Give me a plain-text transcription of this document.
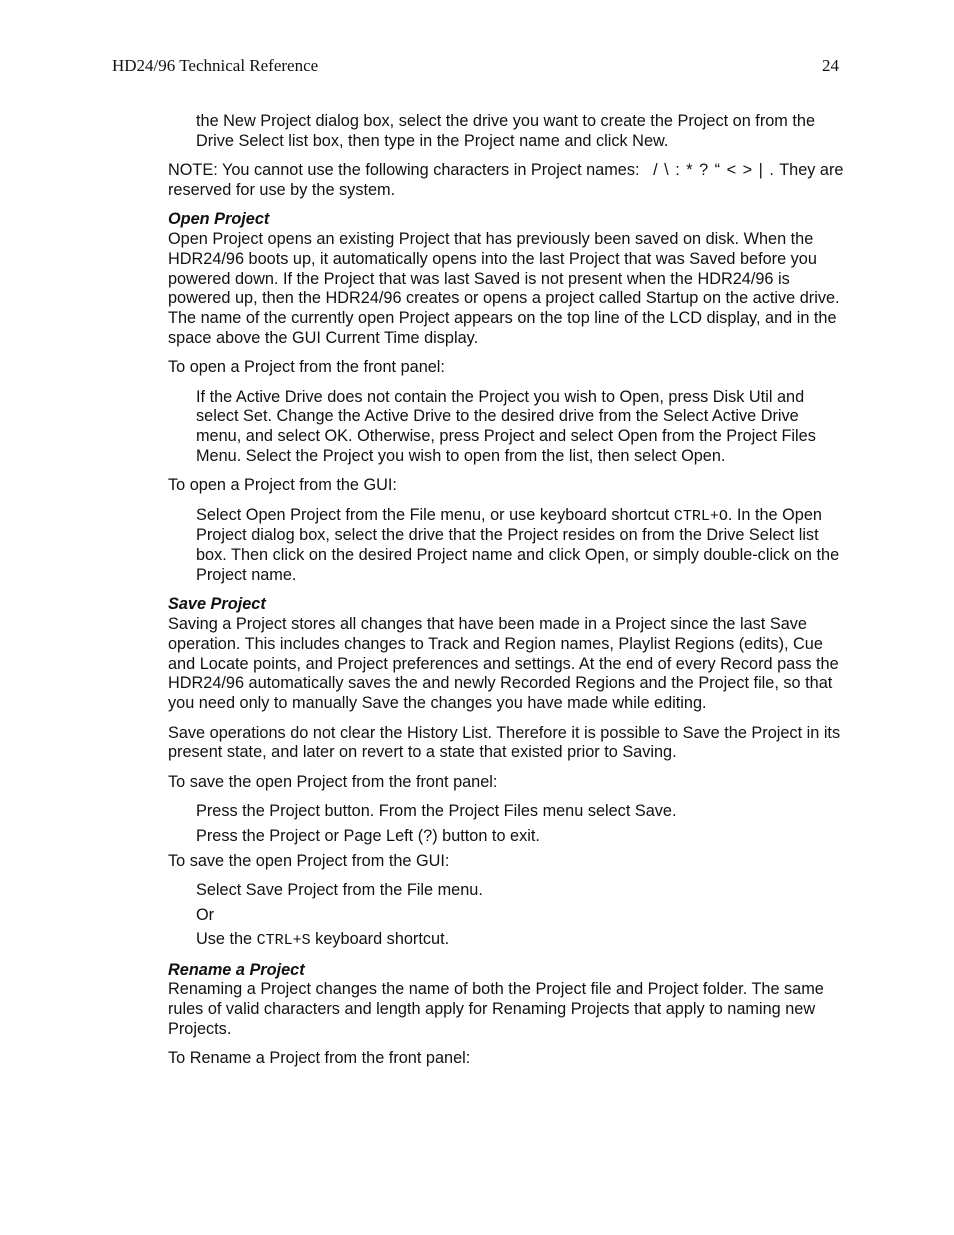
HD24/96 Technical Reference	24

the New Project dialog box, select the drive you want to create the Project on from the Drive Select list box, then type in the Project name and click New.

NOTE: You cannot use the following characters in Project names: / \ : * ? “ < > | . They are reserved for use by the system.

Open Project

Open Project opens an existing Project that has previously been saved on disk. When the HDR24/96 boots up, it automatically opens into the last Project that was Saved before you powered down. If the Project that was last Saved is not present when the HDR24/96 is powered up, then the HDR24/96 creates or opens a project called Startup on the active drive. The name of the currently open Project appears on the top line of the LCD display, and in the space above the GUI Current Time display.

To open a Project from the front panel:

If the Active Drive does not contain the Project you wish to Open, press Disk Util and select Set. Change the Active Drive to the desired drive from the Select Active Drive menu, and select OK. Otherwise, press Project and select Open from the Project Files Menu. Select the Project you wish to open from the list, then select Open.

To open a Project from the GUI:

Select Open Project from the File menu, or use keyboard shortcut CTRL+O. In the Open Project dialog box, select the drive that the Project resides on from the Drive Select list box. Then click on the desired Project name and click Open, or simply double-click on the Project name.

Save Project

Saving a Project stores all changes that have been made in a Project since the last Save operation. This includes changes to Track and Region names, Playlist Regions (edits), Cue and Locate points, and Project preferences and settings. At the end of every Record pass the HDR24/96 automatically saves the and newly Recorded Regions and the Project file, so that you need only to manually Save the changes you have made while editing.

Save operations do not clear the History List. Therefore it is possible to Save the Project in its present state, and later on revert to a state that existed prior to Saving.

To save the open Project from the front panel:

Press the Project button. From the Project Files menu select Save.

Press the Project or Page Left (?) button to exit.

To save the open Project from the GUI:

Select Save Project from the File menu.

Or

Use the CTRL+S keyboard shortcut.

Rename a Project

Renaming a Project changes the name of both the Project file and Project folder. The same rules of valid characters and length apply for Renaming Projects that apply to naming new Projects.

To Rename a Project from the front panel:
